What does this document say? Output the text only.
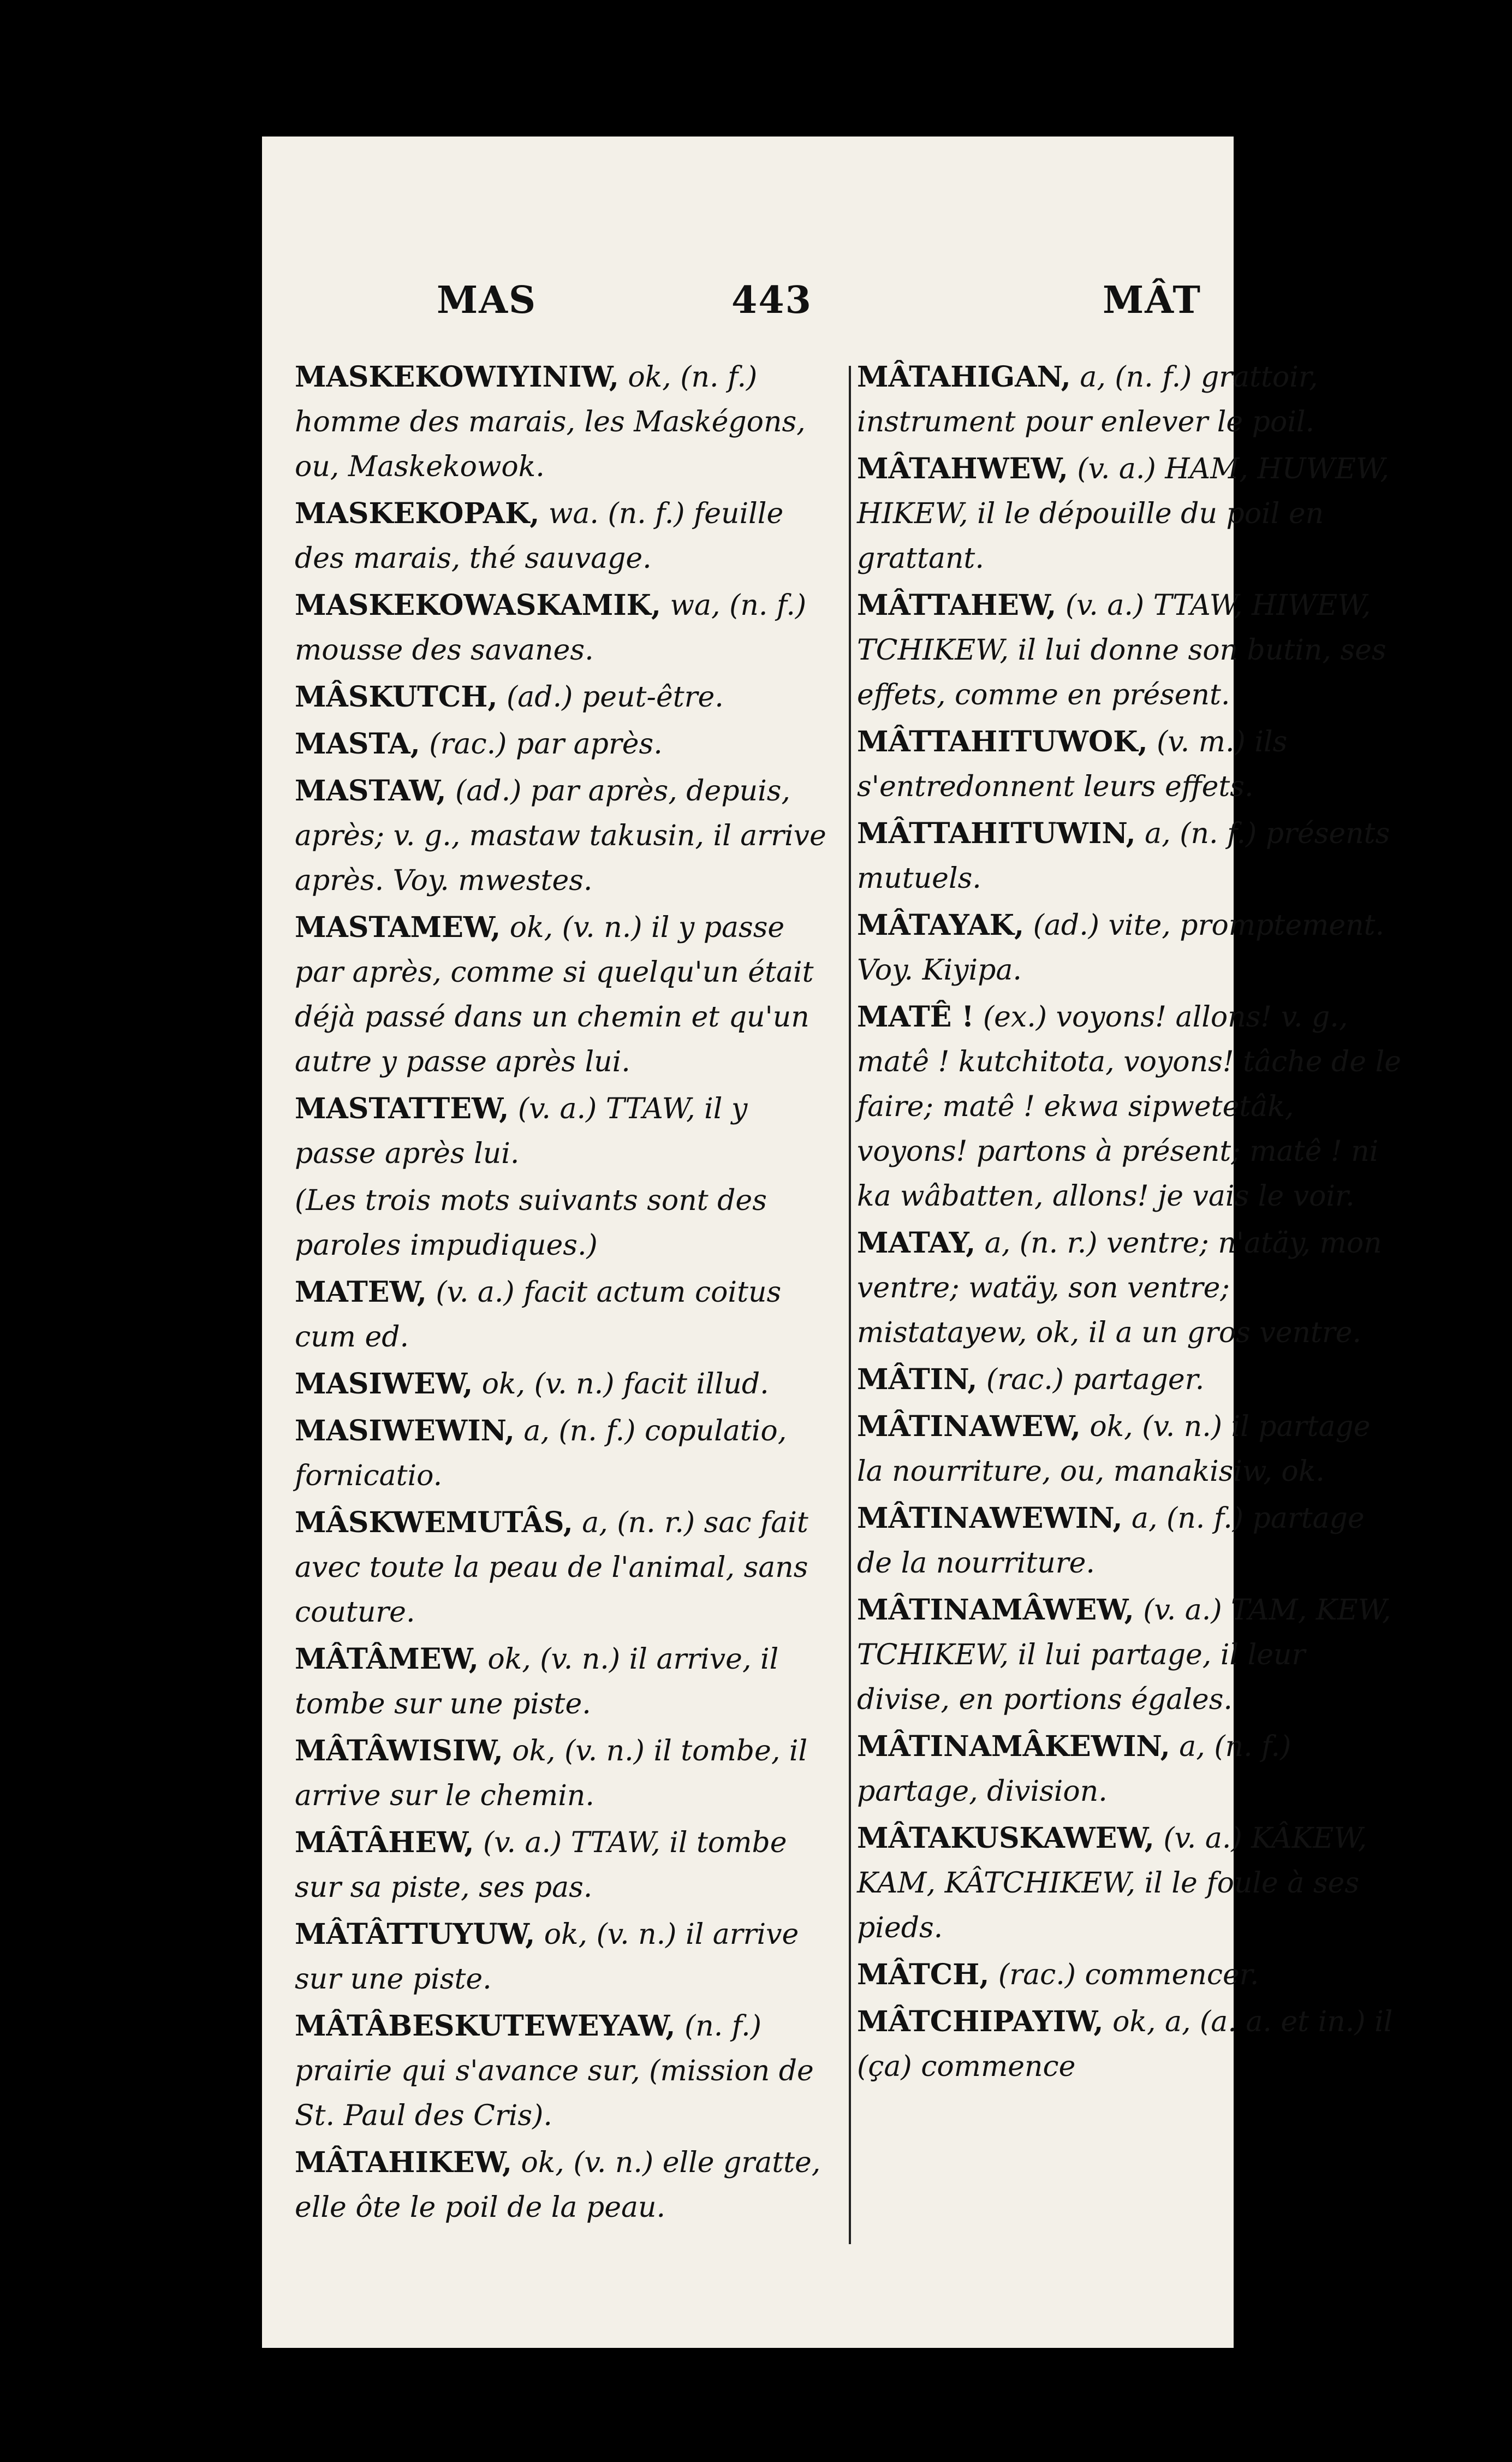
MAS	443	MÂT

MASKEKOWIYINIW, ok, (n. f.) homme des marais, les Maskégons, ou, Maskekowok.

MASKEKOPAK, wa. (n. f.) feuille des marais, thé sauvage.

MASKEKOWASKAMIK, wa, (n. f.) mousse des savanes.

MÂSKUTCH, (ad.) peut-être.

MASTA, (rac.) par après.

MASTAW, (ad.) par après, depuis, après; v. g., mastaw takusin, il arrive après. Voy. mwestes.

MASTAMEW, ok, (v. n.) il y passe par après, comme si quelqu'un était déjà passé dans un chemin et qu'un autre y passe après lui.

MASTATTEW, (v. a.) TTAW, il y passe après lui.

(Les trois mots suivants sont des paroles impudiques.)

MATEW, (v. a.) facit actum coitus cum ed.

MASIWEW, ok, (v. n.) facit illud.

MASIWEWIN, a, (n. f.) copulatio, fornicatio.

MÂSKWEMUTÂS, a, (n. r.) sac fait avec toute la peau de l'animal, sans couture.

MÂTÂMEW, ok, (v. n.) il arrive, il tombe sur une piste.

MÂTÂWISIW, ok, (v. n.) il tombe, il arrive sur le chemin.

MÂTÂHEW, (v. a.) TTAW, il tombe sur sa piste, ses pas.

MÂTÂTTUYUW, ok, (v. n.) il arrive sur une piste.

MÂTÂBESKUTEWEYAW, (n. f.) prairie qui s'avance sur, (mission de St. Paul des Cris).

MÂTAHIKEW, ok, (v. n.) elle gratte, elle ôte le poil de la peau.

MÂTAHIGAN, a, (n. f.) grattoir, instrument pour enlever le poil.

MÂTAHWEW, (v. a.) HAM, HUWEW, HIKEW, il le dépouille du poil en grattant.

MÂTTAHEW, (v. a.) TTAW, HIWEW, TCHIKEW, il lui donne son butin, ses effets, comme en présent.

MÂTTAHITUWOK, (v. m.) ils s'entredonnent leurs effets.

MÂTTAHITUWIN, a, (n. f.) présents mutuels.

MÂTAYAK, (ad.) vite, promptement. Voy. Kiyipa.

MATÊ ! (ex.) voyons! allons! v. g., matê ! kutchitota, voyons! tâche de le faire; matê ! ekwa sipwetetâk, voyons! partons à présent; matê ! ni ka wâbatten, allons! je vais le voir.

MATAY, a, (n. r.) ventre; n'atäy, mon ventre; watäy, son ventre; mistatayew, ok, il a un gros ventre.

MÂTIN, (rac.) partager.

MÂTINAWEW, ok, (v. n.) il partage la nourriture, ou, manakisiw, ok.

MÂTINAWEWIN, a, (n. f.) partage de la nourriture.

MÂTINAMÂWEW, (v. a.) TAM, KEW, TCHIKEW, il lui partage, il leur divise, en portions égales.

MÂTINAMÂKEWIN, a, (n. f.) partage, division.

MÂTAKUSKAWEW, (v. a.) KÂKEW, KAM, KÂTCHIKEW, il le foule à ses pieds.

MÂTCH, (rac.) commencer.

MÂTCHIPAYIW, ok, a, (a. a. et in.) il (ça) commence
